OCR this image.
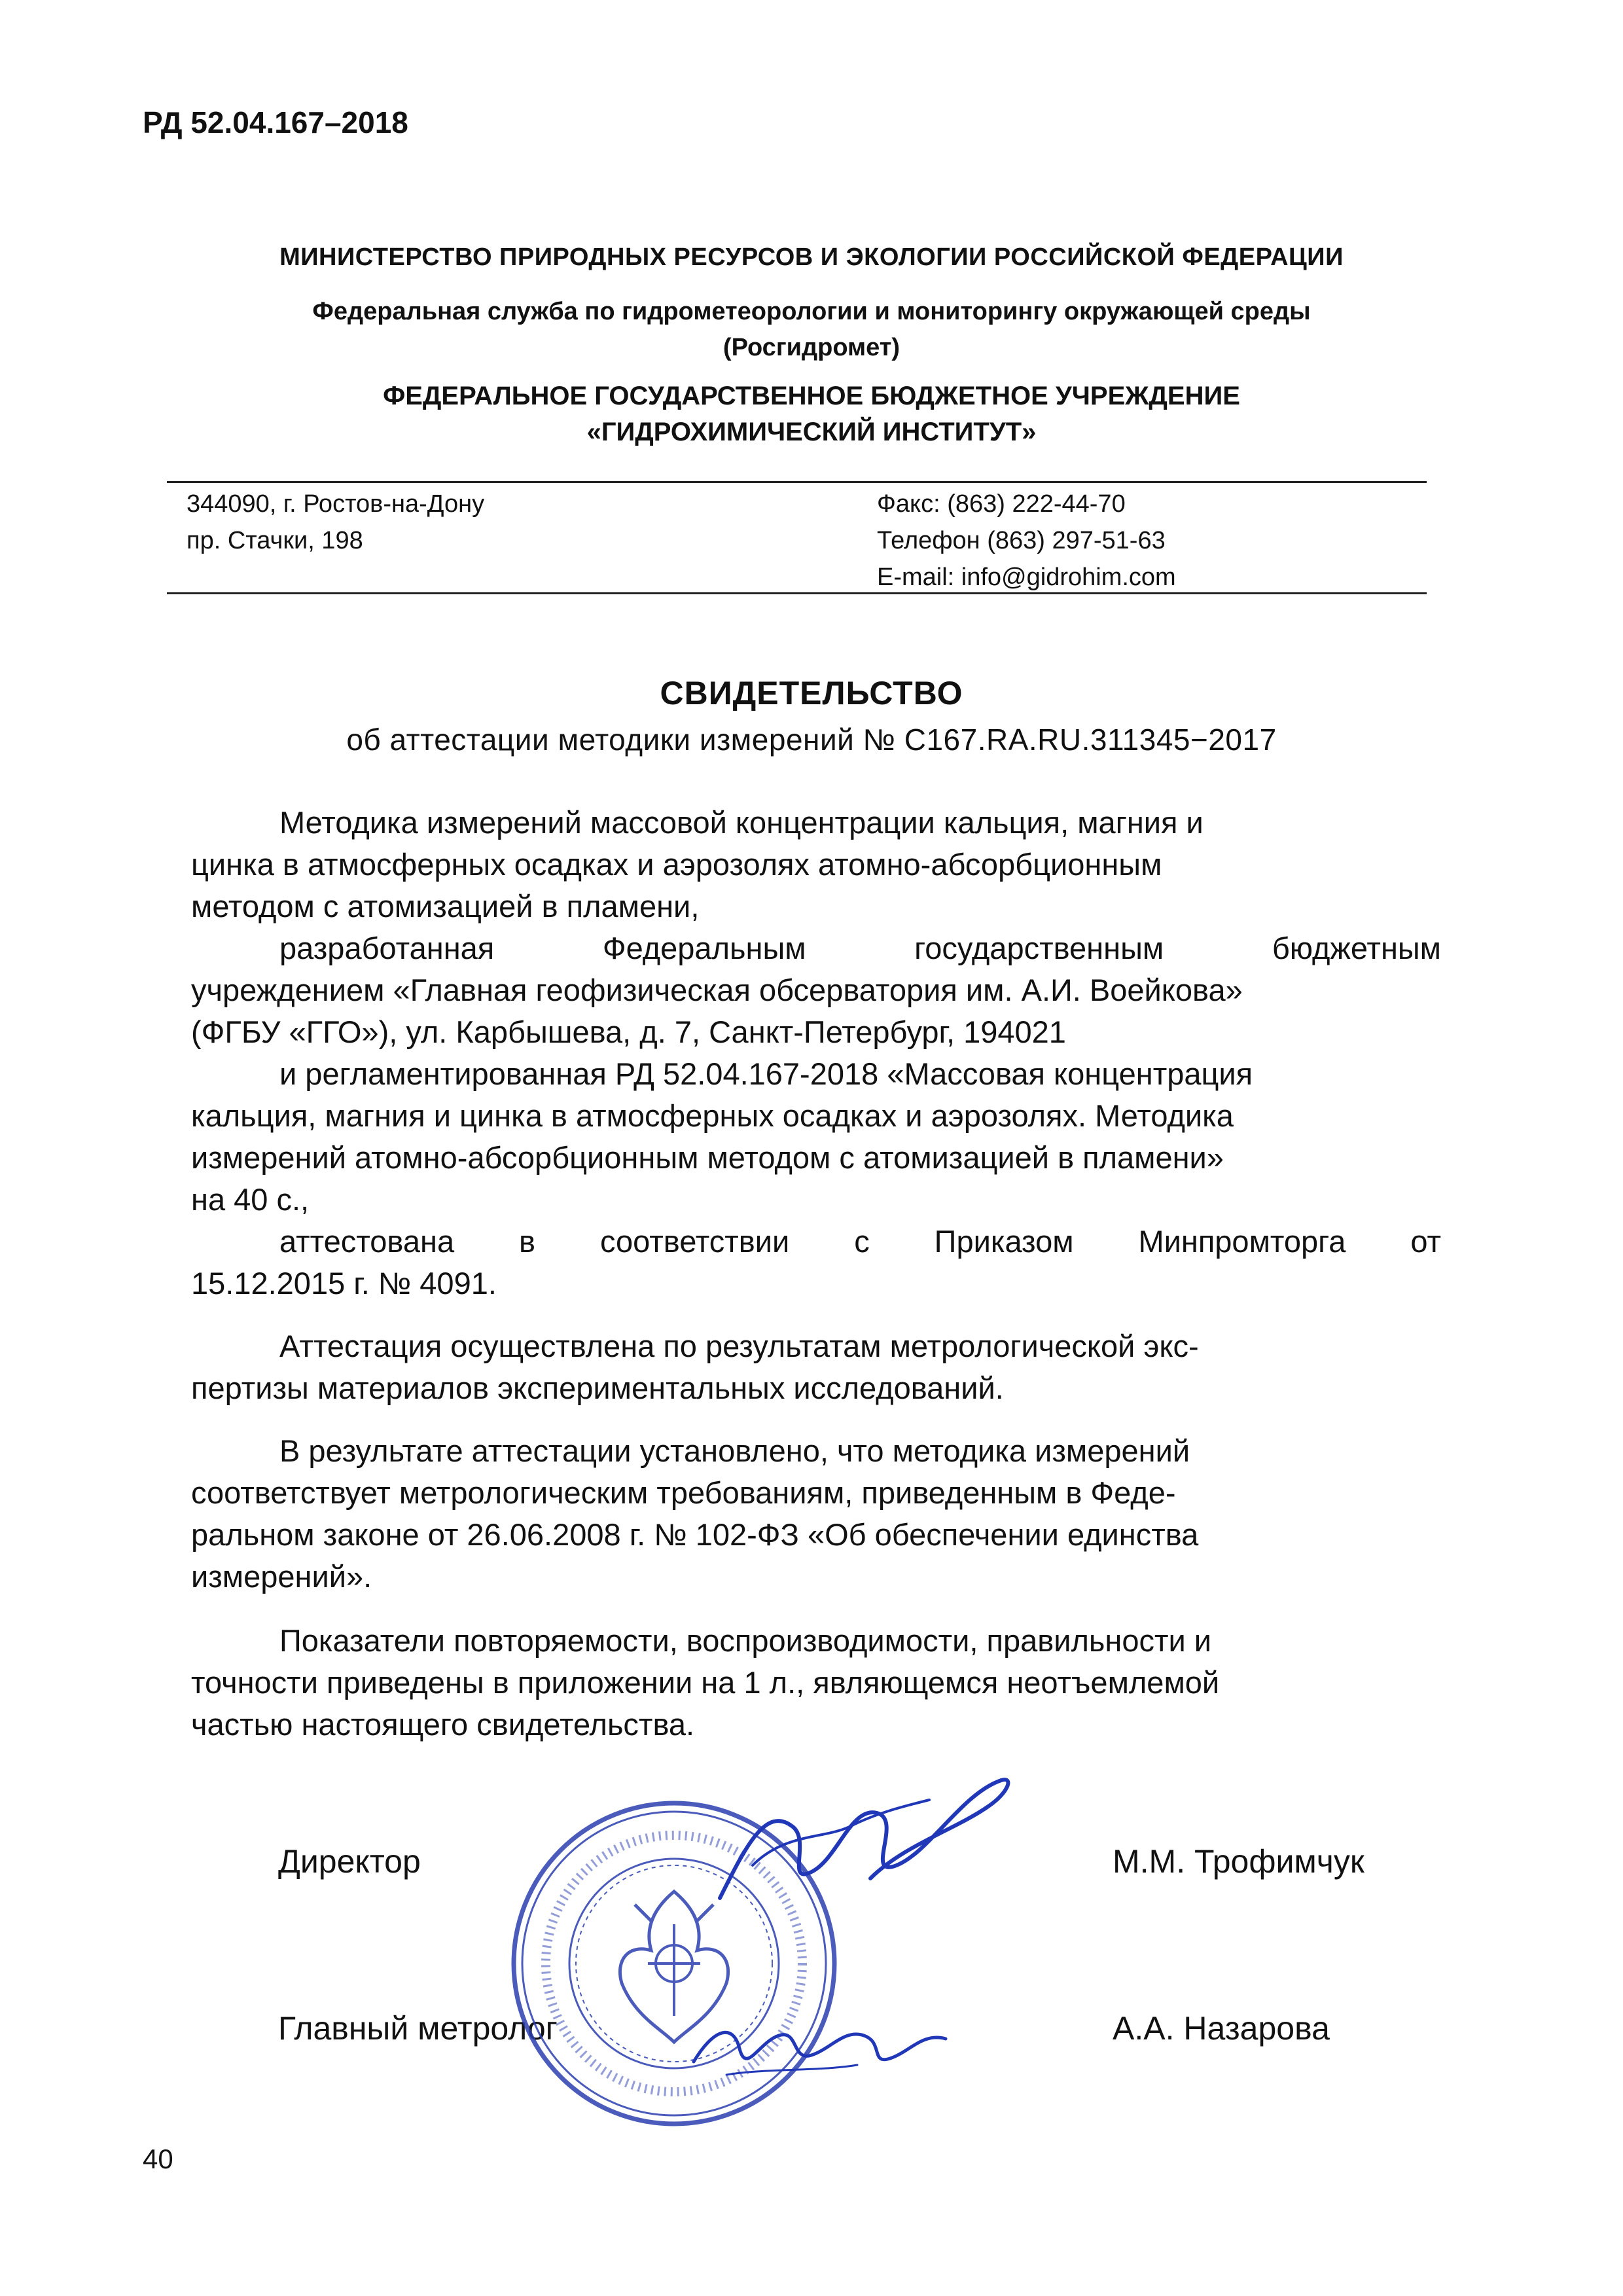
РД 52.04.167–2018
МИНИСТЕРСТВО ПРИРОДНЫХ РЕСУРСОВ И ЭКОЛОГИИ РОССИЙСКОЙ ФЕДЕРАЦИИ
Федеральная служба по гидрометеорологии и мониторингу окружающей среды
(Росгидромет)
ФЕДЕРАЛЬНОЕ ГОСУДАРСТВЕННОЕ БЮДЖЕТНОЕ УЧРЕЖДЕНИЕ
«ГИДРОХИМИЧЕСКИЙ ИНСТИТУТ»
344090, г. Ростов-на-Дону
пр. Стачки, 198
Факс: (863) 222-44-70
Телефон (863) 297-51-63
E-mail: info@gidrohim.com
СВИДЕТЕЛЬСТВО
об аттестации методики измерений № С167.RA.RU.311345−2017
Методика измерений массовой концентрации кальция, магния и
цинка в атмосферных осадках и аэрозолях атомно-абсорбционным
методом с атомизацией в пламени,
разработанная Федеральным государственным бюджетным
учреждением «Главная геофизическая обсерватория им. А.И. Воейкова»
(ФГБУ «ГГО»), ул. Карбышева, д. 7, Санкт-Петербург, 194021
и регламентированная РД 52.04.167-2018 «Массовая концентрация
кальция, магния и цинка в атмосферных осадках и аэрозолях. Методика
измерений атомно-абсорбционным методом с атомизацией в пламени»
на 40 с.,
аттестована в соответствии с Приказом Минпромторга от
15.12.2015 г. № 4091.
Аттестация осуществлена по результатам метрологической экс-
пертизы материалов экспериментальных исследований.
В результате аттестации установлено, что методика измерений
соответствует метрологическим требованиям, приведенным в Феде-
ральном законе от 26.06.2008 г. № 102-ФЗ «Об обеспечении единства
измерений».
Показатели повторяемости, воспроизводимости, правильности и
точности приведены в приложении на 1 л., являющемся неотъемлемой
частью настоящего свидетельства.
Директор	М.М. Трофимчук
Главный метролог	А.А. Назарова
40
